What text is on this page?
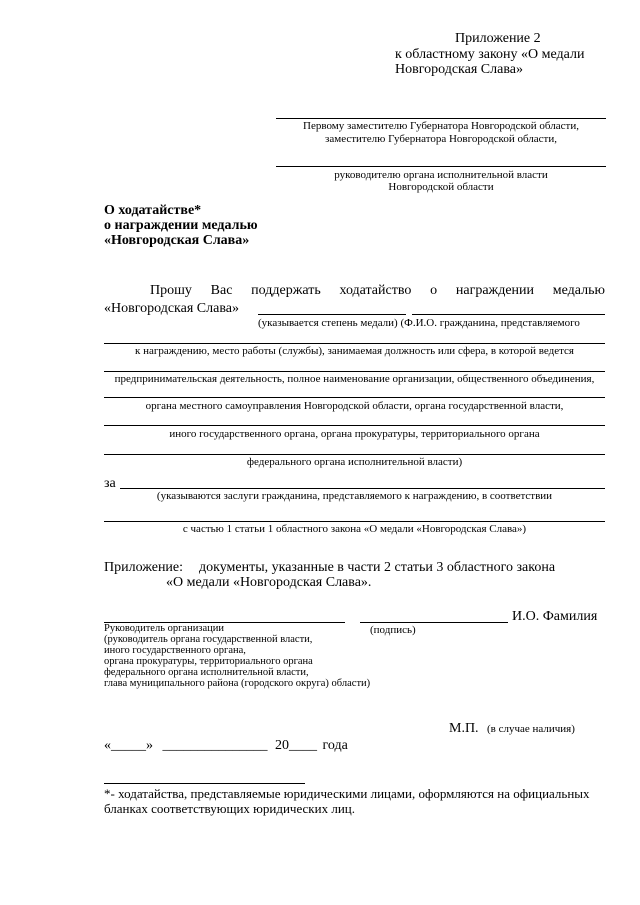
Приложение 2
к областному закону «О медали
Новгородская Слава»
Первому заместителю Губернатора Новгородской области,
заместителю Губернатора Новгородской области,
руководителю органа исполнительной власти
Новгородской области
О ходатайстве*
о награждении медалью
«Новгородская Слава»
Прошу Вас поддержать ходатайство о награждении медалью
«Новгородская Слава»
(указывается степень медали) (Ф.И.О. гражданина, представляемого
к награждению, место работы (службы), занимаемая должность или сфера, в которой ведется
предпринимательская деятельность, полное наименование организации, общественного объединения,
органа местного самоуправления Новгородской области, органа государственной власти,
иного государственного органа, органа прокуратуры, территориального органа
федерального органа исполнительной власти)
за
(указываются заслуги гражданина, представляемого к награждению, в соответствии
с частью 1 статьи 1 областного закона «О медали «Новгородская Слава»)
Приложение: документы, указанные в части 2 статьи 3 областного закона
«О медали «Новгородская Слава».
И.О. Фамилия
(подпись)
Руководитель организации
(руководитель органа государственной власти,
иного государственного органа,
органа прокуратуры, территориального органа
федерального органа исполнительной власти,
глава муниципального района (городского округа) области)
М.П. (в случае наличия)
«_____» _______________ 20____ года
*- ходатайства, представляемые юридическими лицами, оформляются на официальных
бланках соответствующих юридических лиц.
